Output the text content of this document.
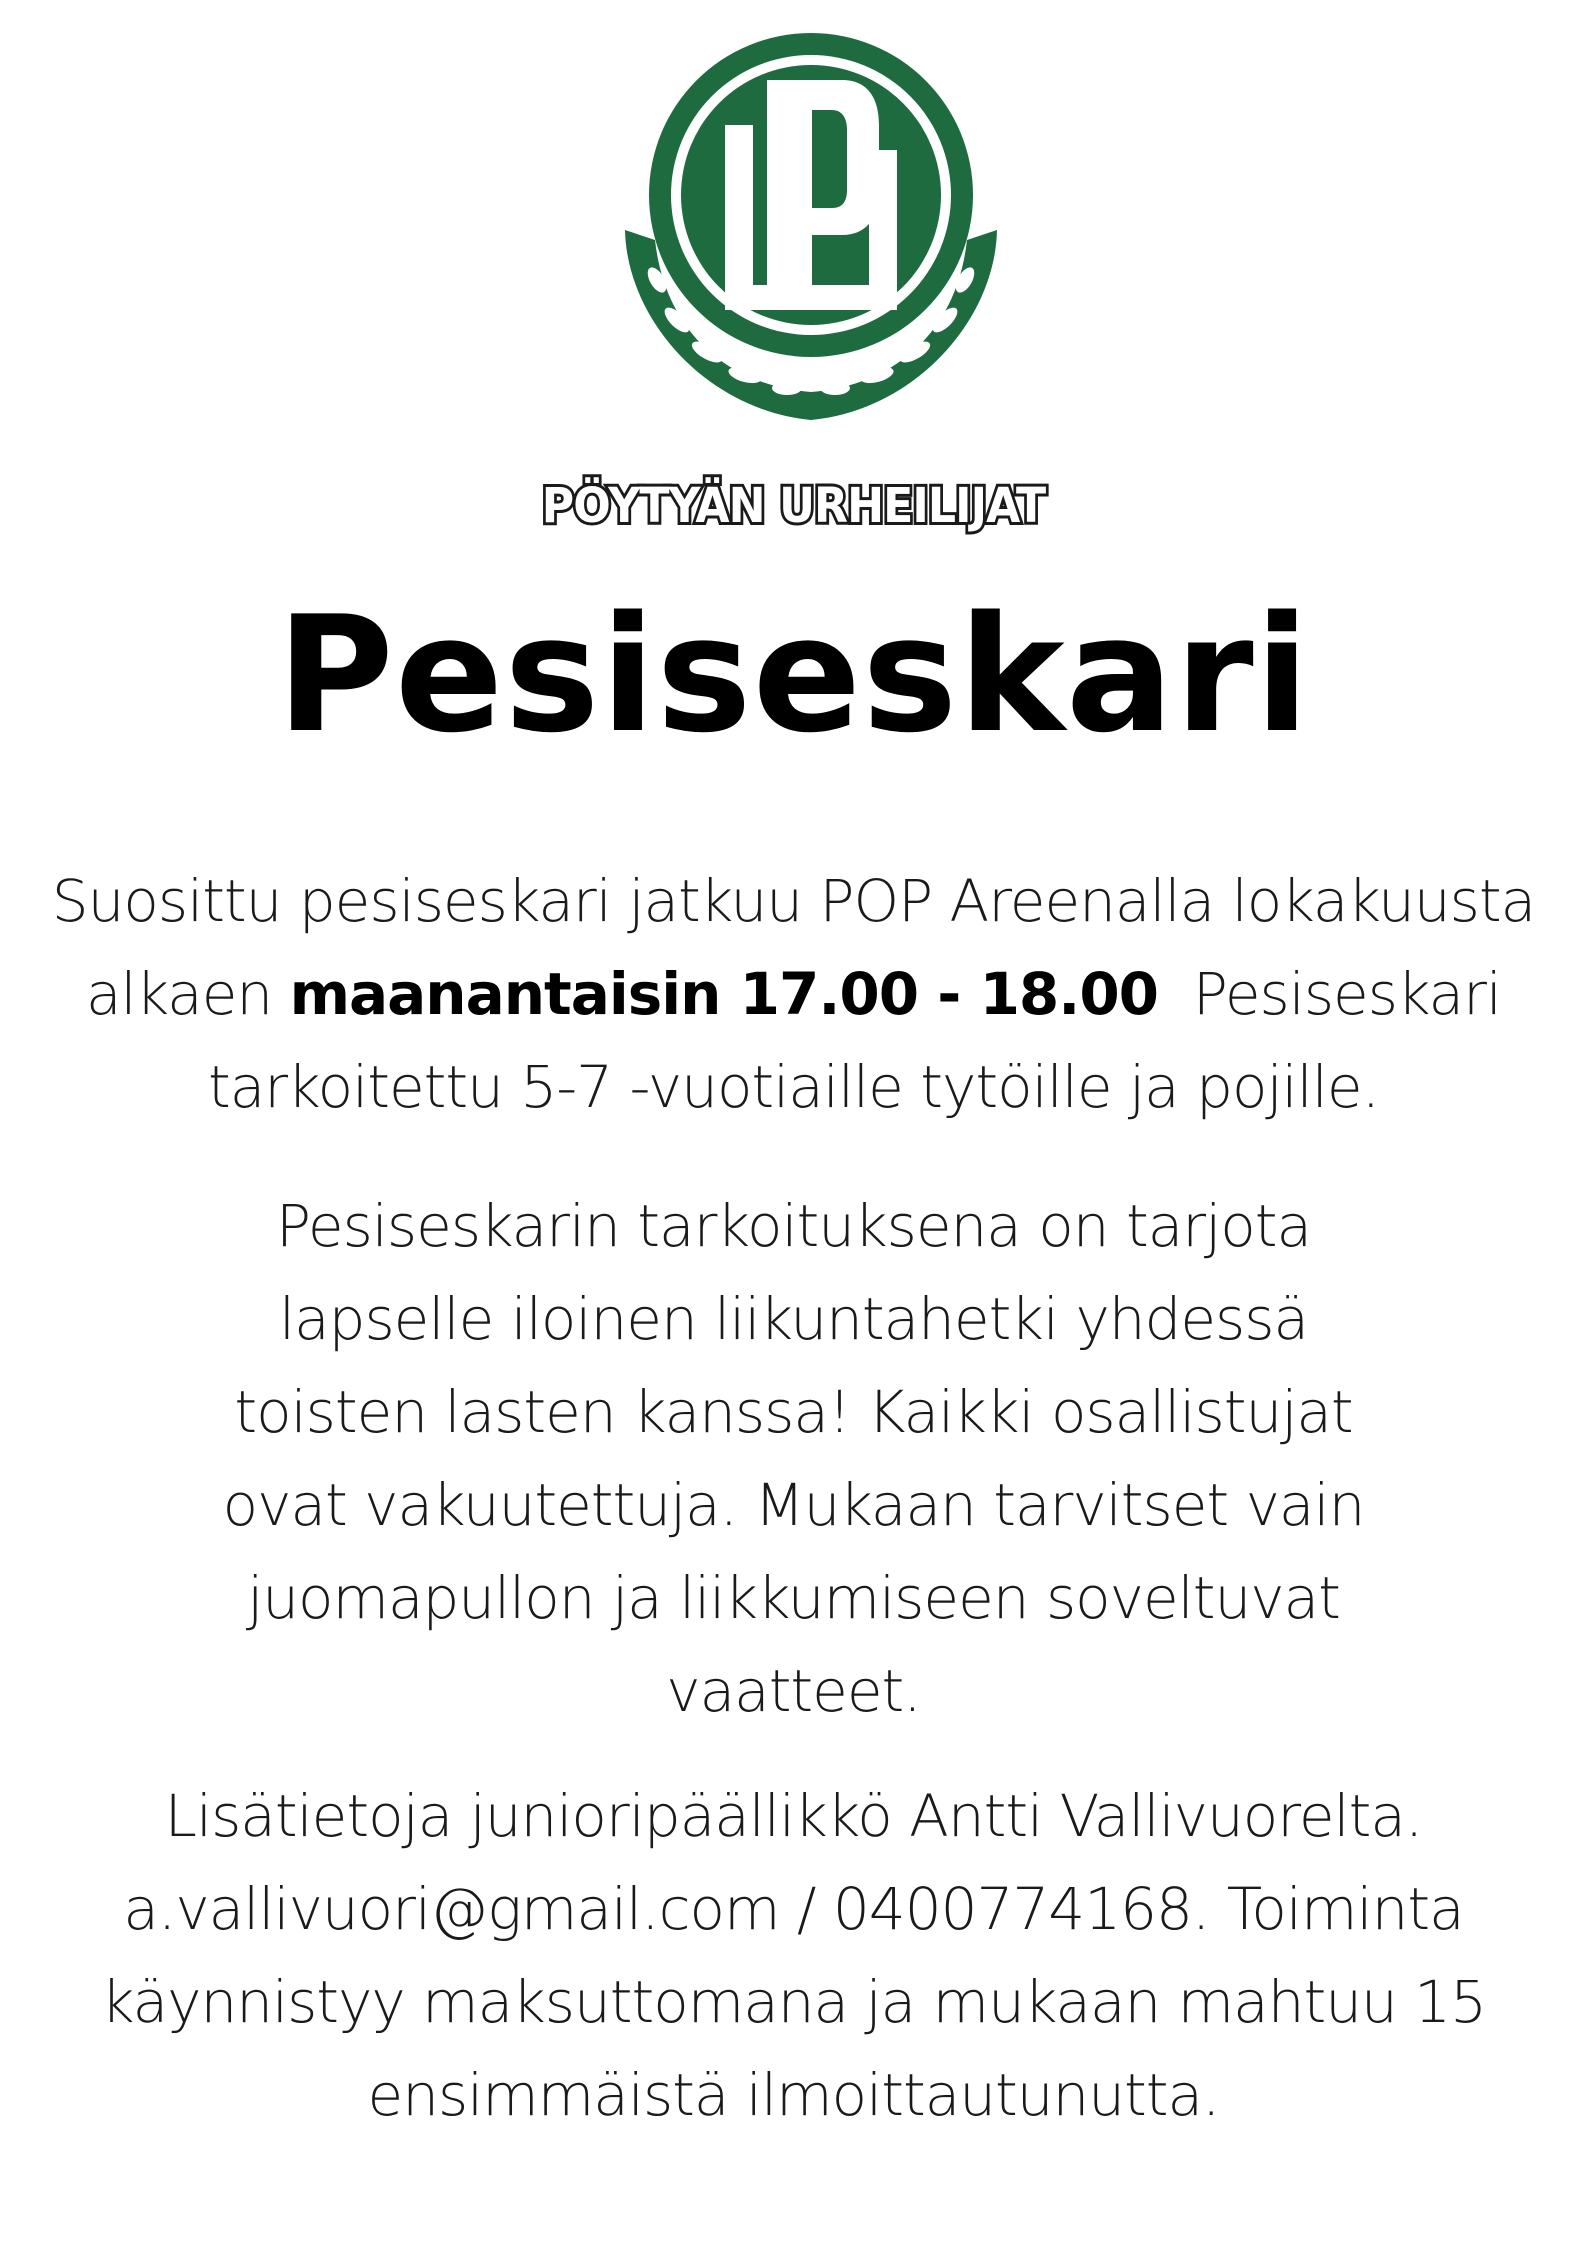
PÖYTYÄN URHEILIJAT
Pesiseskari
Suosittu pesiseskari jatkuu POP Areenalla lokakuusta
alkaen maanantaisin 17.00 - 18.00  Pesiseskari
tarkoitettu 5-7 -vuotiaille tytöille ja pojille.
Pesiseskarin tarkoituksena on tarjota
lapselle iloinen liikuntahetki yhdessä
toisten lasten kanssa! Kaikki osallistujat
ovat vakuutettuja. Mukaan tarvitset vain
juomapullon ja liikkumiseen soveltuvat
vaatteet.
Lisätietoja junioripäällikkö Antti Vallivuorelta.
a.vallivuori@gmail.com / 0400774168. Toiminta
käynnistyy maksuttomana ja mukaan mahtuu 15
ensimmäistä ilmoittautunutta.
